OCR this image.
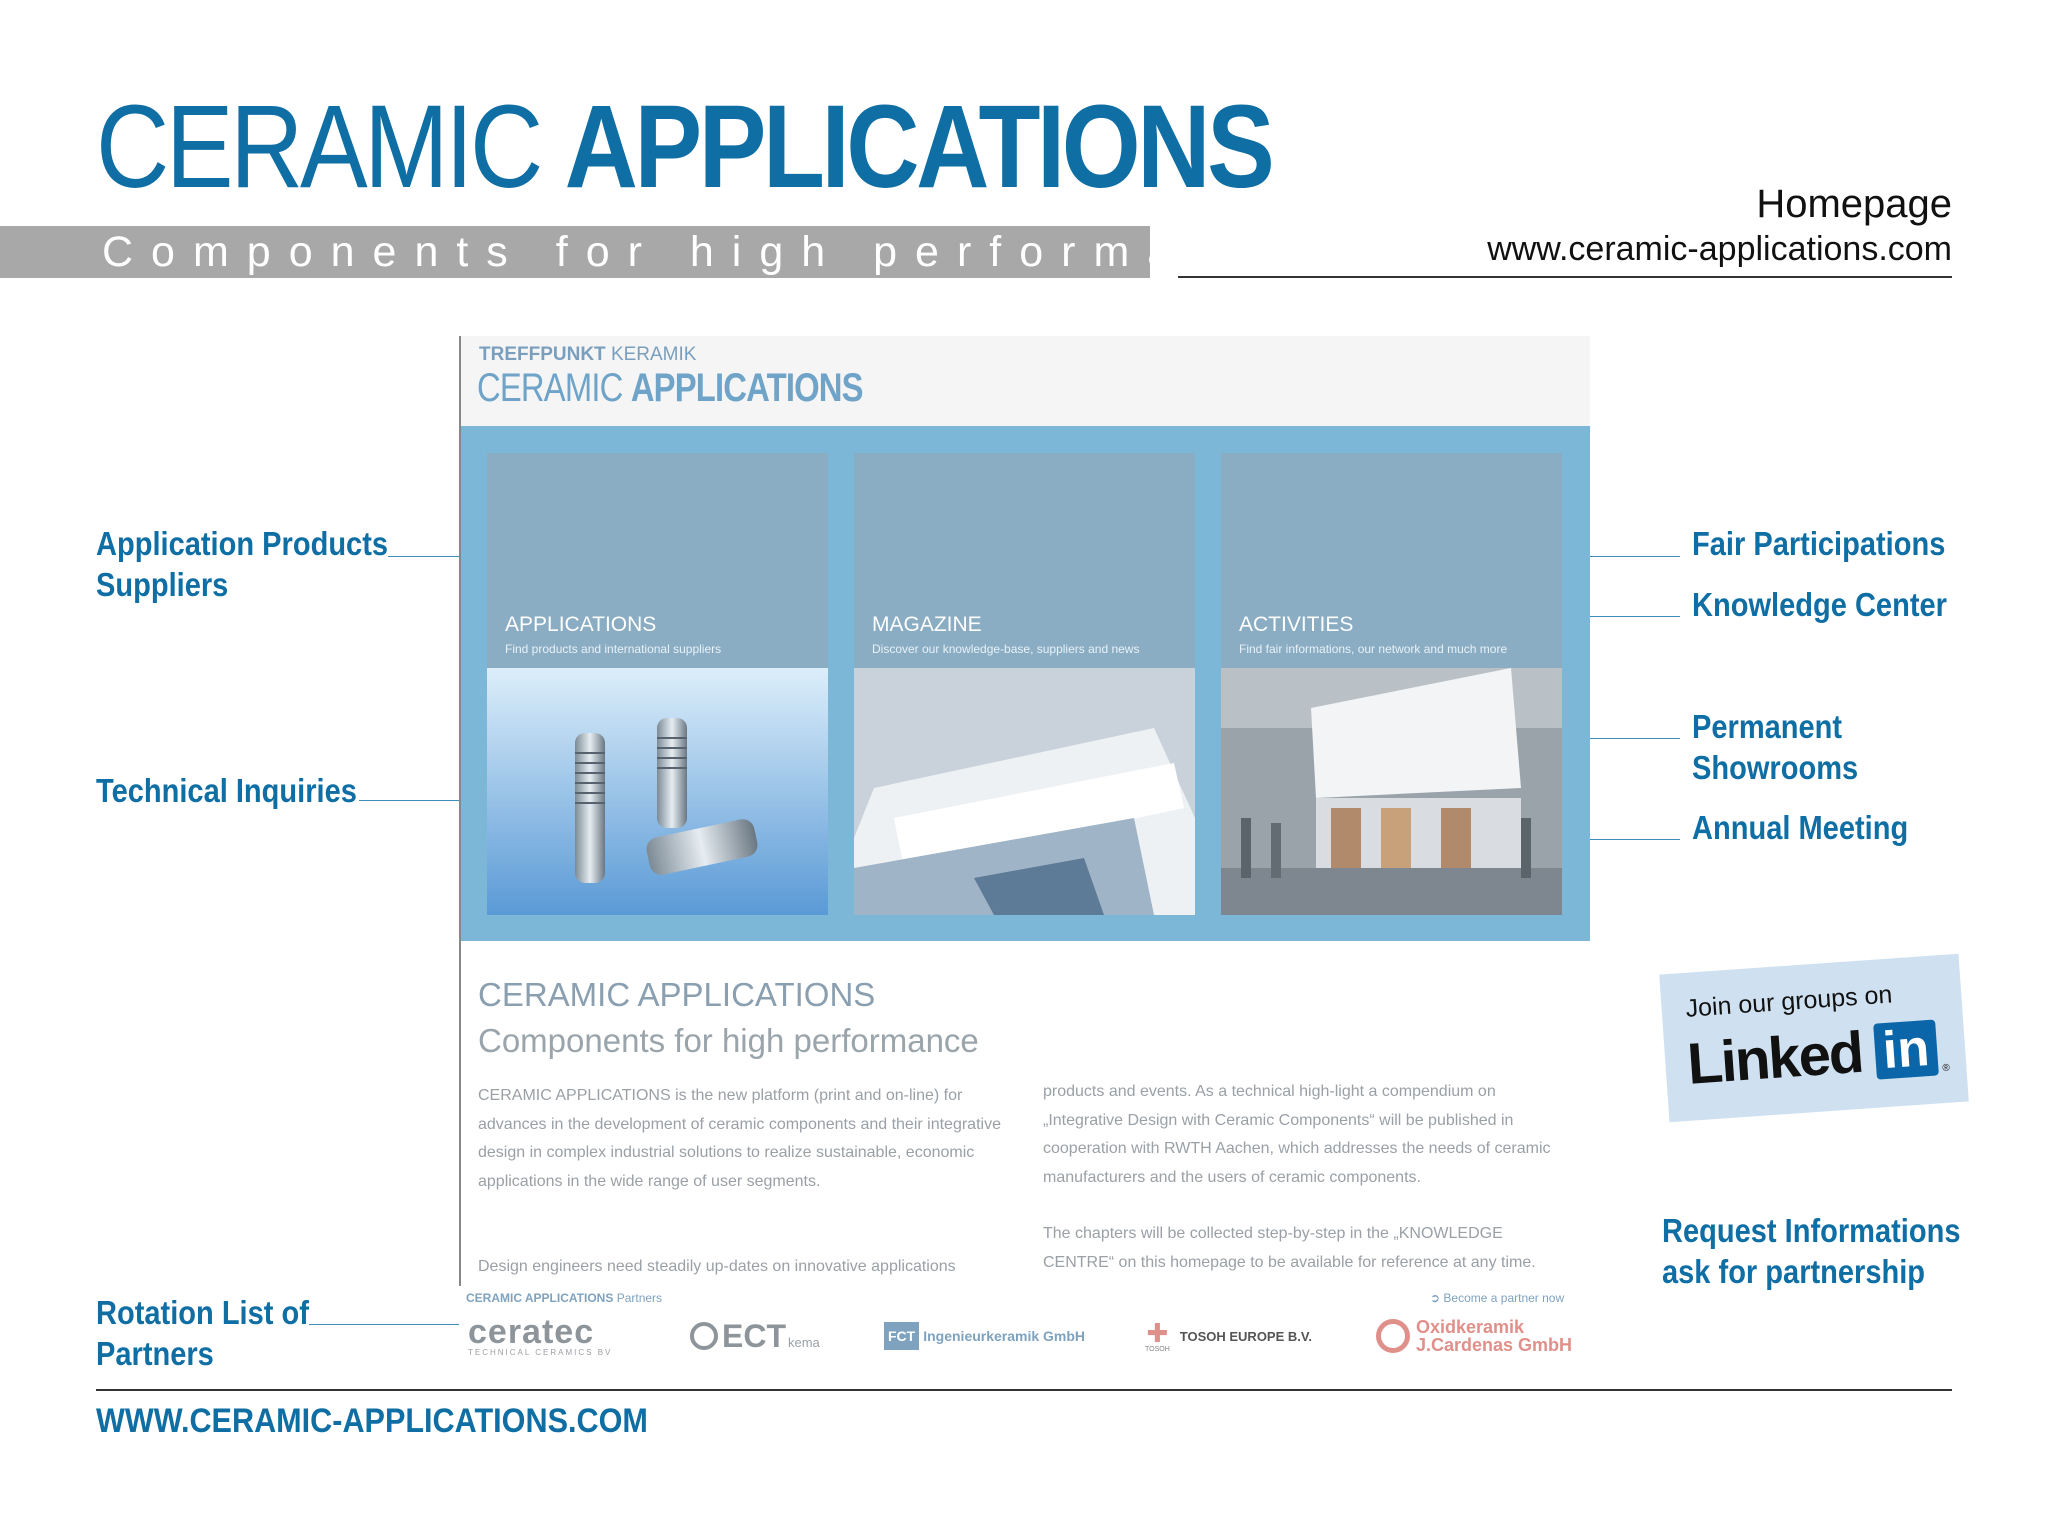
CERAMIC APPLICATIONS
Components for high performance
Homepage
www.ceramic-applications.com
Application Products
Suppliers
Technical Inquiries
Rotation List of
Partners
Fair Participations
Knowledge Center
Permanent
Showrooms
Annual Meeting
Request Informations
ask for partnership
Join our groups on
Linked in	®
TREFFPUNKT KERAMIK
CERAMIC APPLICATIONS
APPLICATIONS
Find products and international suppliers
MAGAZINE
Discover our knowledge-base, suppliers and news
ACTIVITIES
Find fair informations, our network and much more
CERAMIC APPLICATIONS
Components for high performance
CERAMIC APPLICATIONS is the new platform (print and on-line) for advances in the development of ceramic components and their integrative design in complex industrial solutions to realize sustainable, economic applications in the wide range of user segments.
Design engineers need steadily up-dates on innovative applications
products and events. As a technical high-light a compendium on „Integrative Design with Ceramic Components“ will be published in cooperation with RWTH Aachen, which addresses the needs of ceramic manufacturers and the users of ceramic components.
The chapters will be collected step-by-step in the „KNOWLEDGE CENTRE“ on this homepage to be available for reference at any time.
CERAMIC APPLICATIONS Partners	➲ Become a partner now
ceratec
TECHNICAL CERAMICS BV	ECT kema	FCT Ingenieurkeramik GmbH ✚
TOSOH
TOSOH EUROPE B.V.	Oxidkeramik
J.Cardenas GmbH
WWW.CERAMIC-APPLICATIONS.COM
